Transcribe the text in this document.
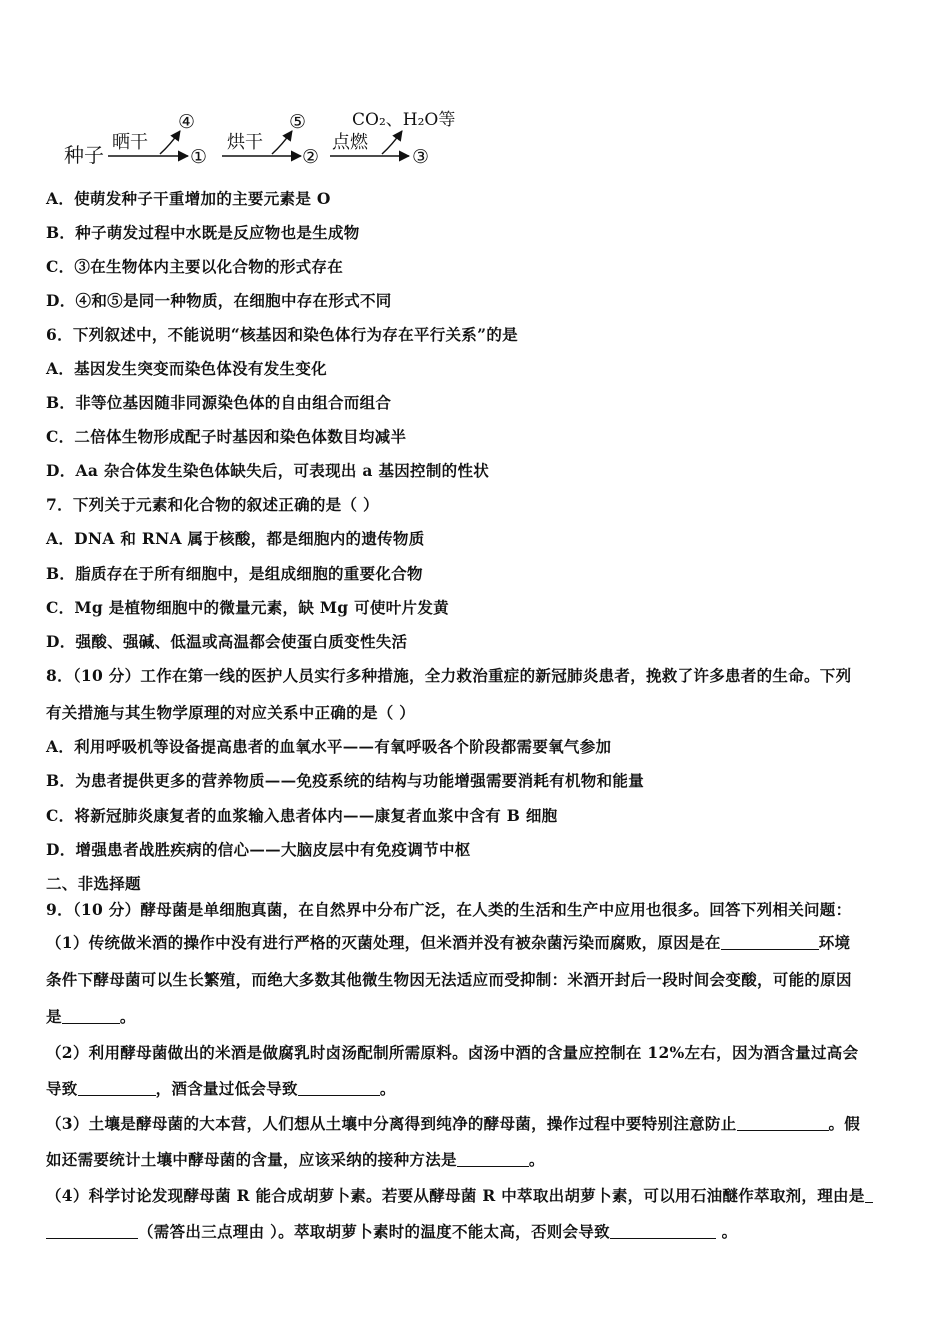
种子
晒干
④
①
烘干
⑤
②
点燃
CO₂、H₂O等
③
A．使萌发种子干重增加的主要元素是 O
B．种子萌发过程中水既是反应物也是生成物
C．③在生物体内主要以化合物的形式存在
D．④和⑤是同一种物质，在细胞中存在形式不同
6．下列叙述中，不能说明“核基因和染色体行为存在平行关系”的是
A．基因发生突变而染色体没有发生变化
B．非等位基因随非同源染色体的自由组合而组合
C．二倍体生物形成配子时基因和染色体数目均减半
D．Aa 杂合体发生染色体缺失后，可表现出 a 基因控制的性状
7．下列关于元素和化合物的叙述正确的是（ ）
A．DNA 和 RNA 属于核酸，都是细胞内的遗传物质
B．脂质存在于所有细胞中，是组成细胞的重要化合物
C．Mg 是植物细胞中的微量元素，缺 Mg 可使叶片发黄
D．强酸、强碱、低温或高温都会使蛋白质变性失活
8．（10 分）工作在第一线的医护人员实行多种措施，全力救治重症的新冠肺炎患者，挽救了许多患者的生命。下列
有关措施与其生物学原理的对应关系中正确的是（ ）
A．利用呼吸机等设备提高患者的血氧水平——有氧呼吸各个阶段都需要氧气参加
B．为患者提供更多的营养物质——免疫系统的结构与功能增强需要消耗有机物和能量
C．将新冠肺炎康复者的血浆输入患者体内——康复者血浆中含有 B 细胞
D．增强患者战胜疾病的信心——大脑皮层中有免疫调节中枢
二、非选择题
9．（10 分）酵母菌是单细胞真菌，在自然界中分布广泛，在人类的生活和生产中应用也很多。回答下列相关问题：
（1）传统做米酒的操作中没有进行严格的灭菌处理，但米酒并没有被杂菌污染而腐败，原因是在	环境
条件下酵母菌可以生长繁殖，而绝大多数其他微生物因无法适应而受抑制：米酒开封后一段时间会变酸，可能的原因
是	。
（2）利用酵母菌做出的米酒是做腐乳时卤汤配制所需原料。卤汤中酒的含量应控制在 12%左右，因为酒含量过高会
导致	，酒含量过低会导致	。
（3）土壤是酵母菌的大本营，人们想从土壤中分离得到纯净的酵母菌，操作过程中要特别注意防止	。假
如还需要统计土壤中酵母菌的含量，应该采纳的接种方法是	。
（4）科学讨论发现酵母菌 R 能合成胡萝卜素。若要从酵母菌 R 中萃取出胡萝卜素，可以用石油醚作萃取剂，理由是
（需答出三点理由 ）。萃取胡萝卜素时的温度不能太高，否则会导致	。
